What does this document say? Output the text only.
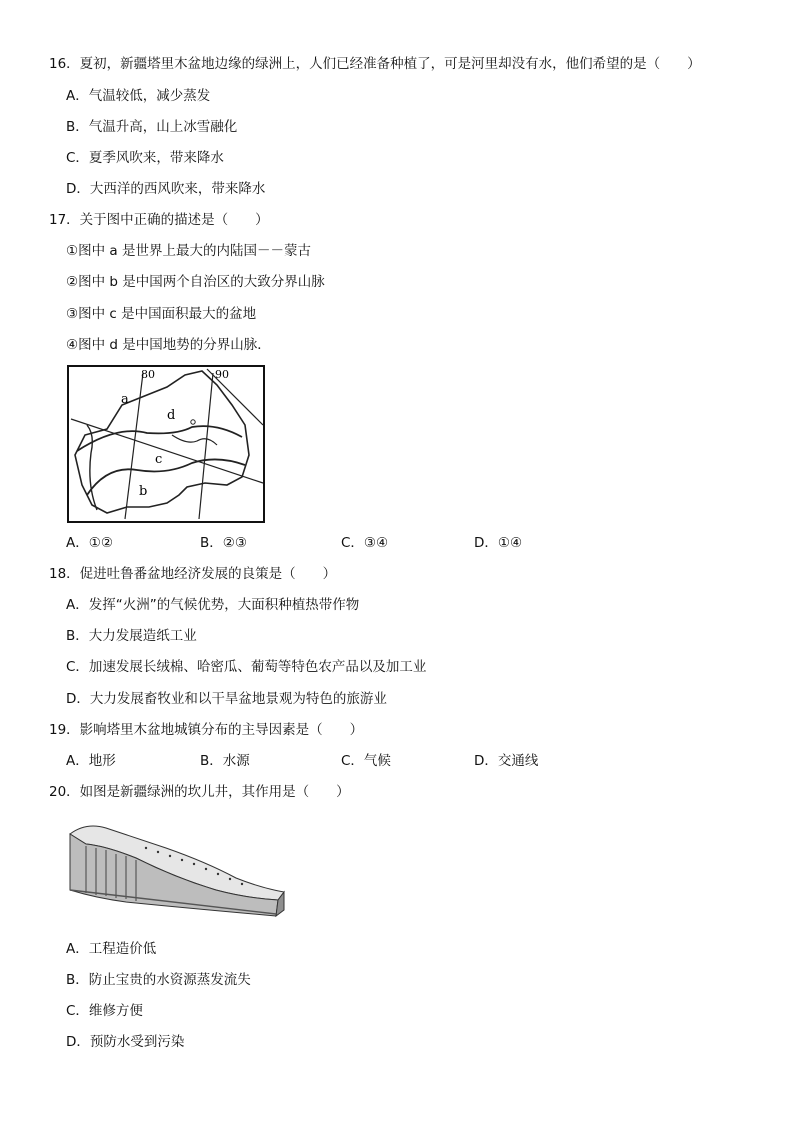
16．夏初，新疆塔里木盆地边缘的绿洲上，人们已经准备种植了，可是河里却没有水，他们希望的是（　　）
A．气温较低，减少蒸发
B．气温升高，山上冰雪融化
C．夏季风吹来，带来降水
D．大西洋的西风吹来，带来降水
17．关于图中正确的描述是（　　）
①图中 a 是世界上最大的内陆国－－蒙古
②图中 b 是中国两个自治区的大致分界山脉
③图中 c 是中国面积最大的盆地
④图中 d 是中国地势的分界山脉．
80	90
a
d
c
b
A．①②	B．②③	C．③④	D．①④
18．促进吐鲁番盆地经济发展的良策是（　　）
A．发挥“火洲”的气候优势，大面积种植热带作物
B．大力发展造纸工业
C．加速发展长绒棉、哈密瓜、葡萄等特色农产品以及加工业
D．大力发展畜牧业和以干旱盆地景观为特色的旅游业
19．影响塔里木盆地城镇分布的主导因素是（　　）
A．地形	B．水源	C．气候	D．交通线
20．如图是新疆绿洲的坎儿井，其作用是（　　）
A．工程造价低
B．防止宝贵的水资源蒸发流失
C．维修方便
D．预防水受到污染
